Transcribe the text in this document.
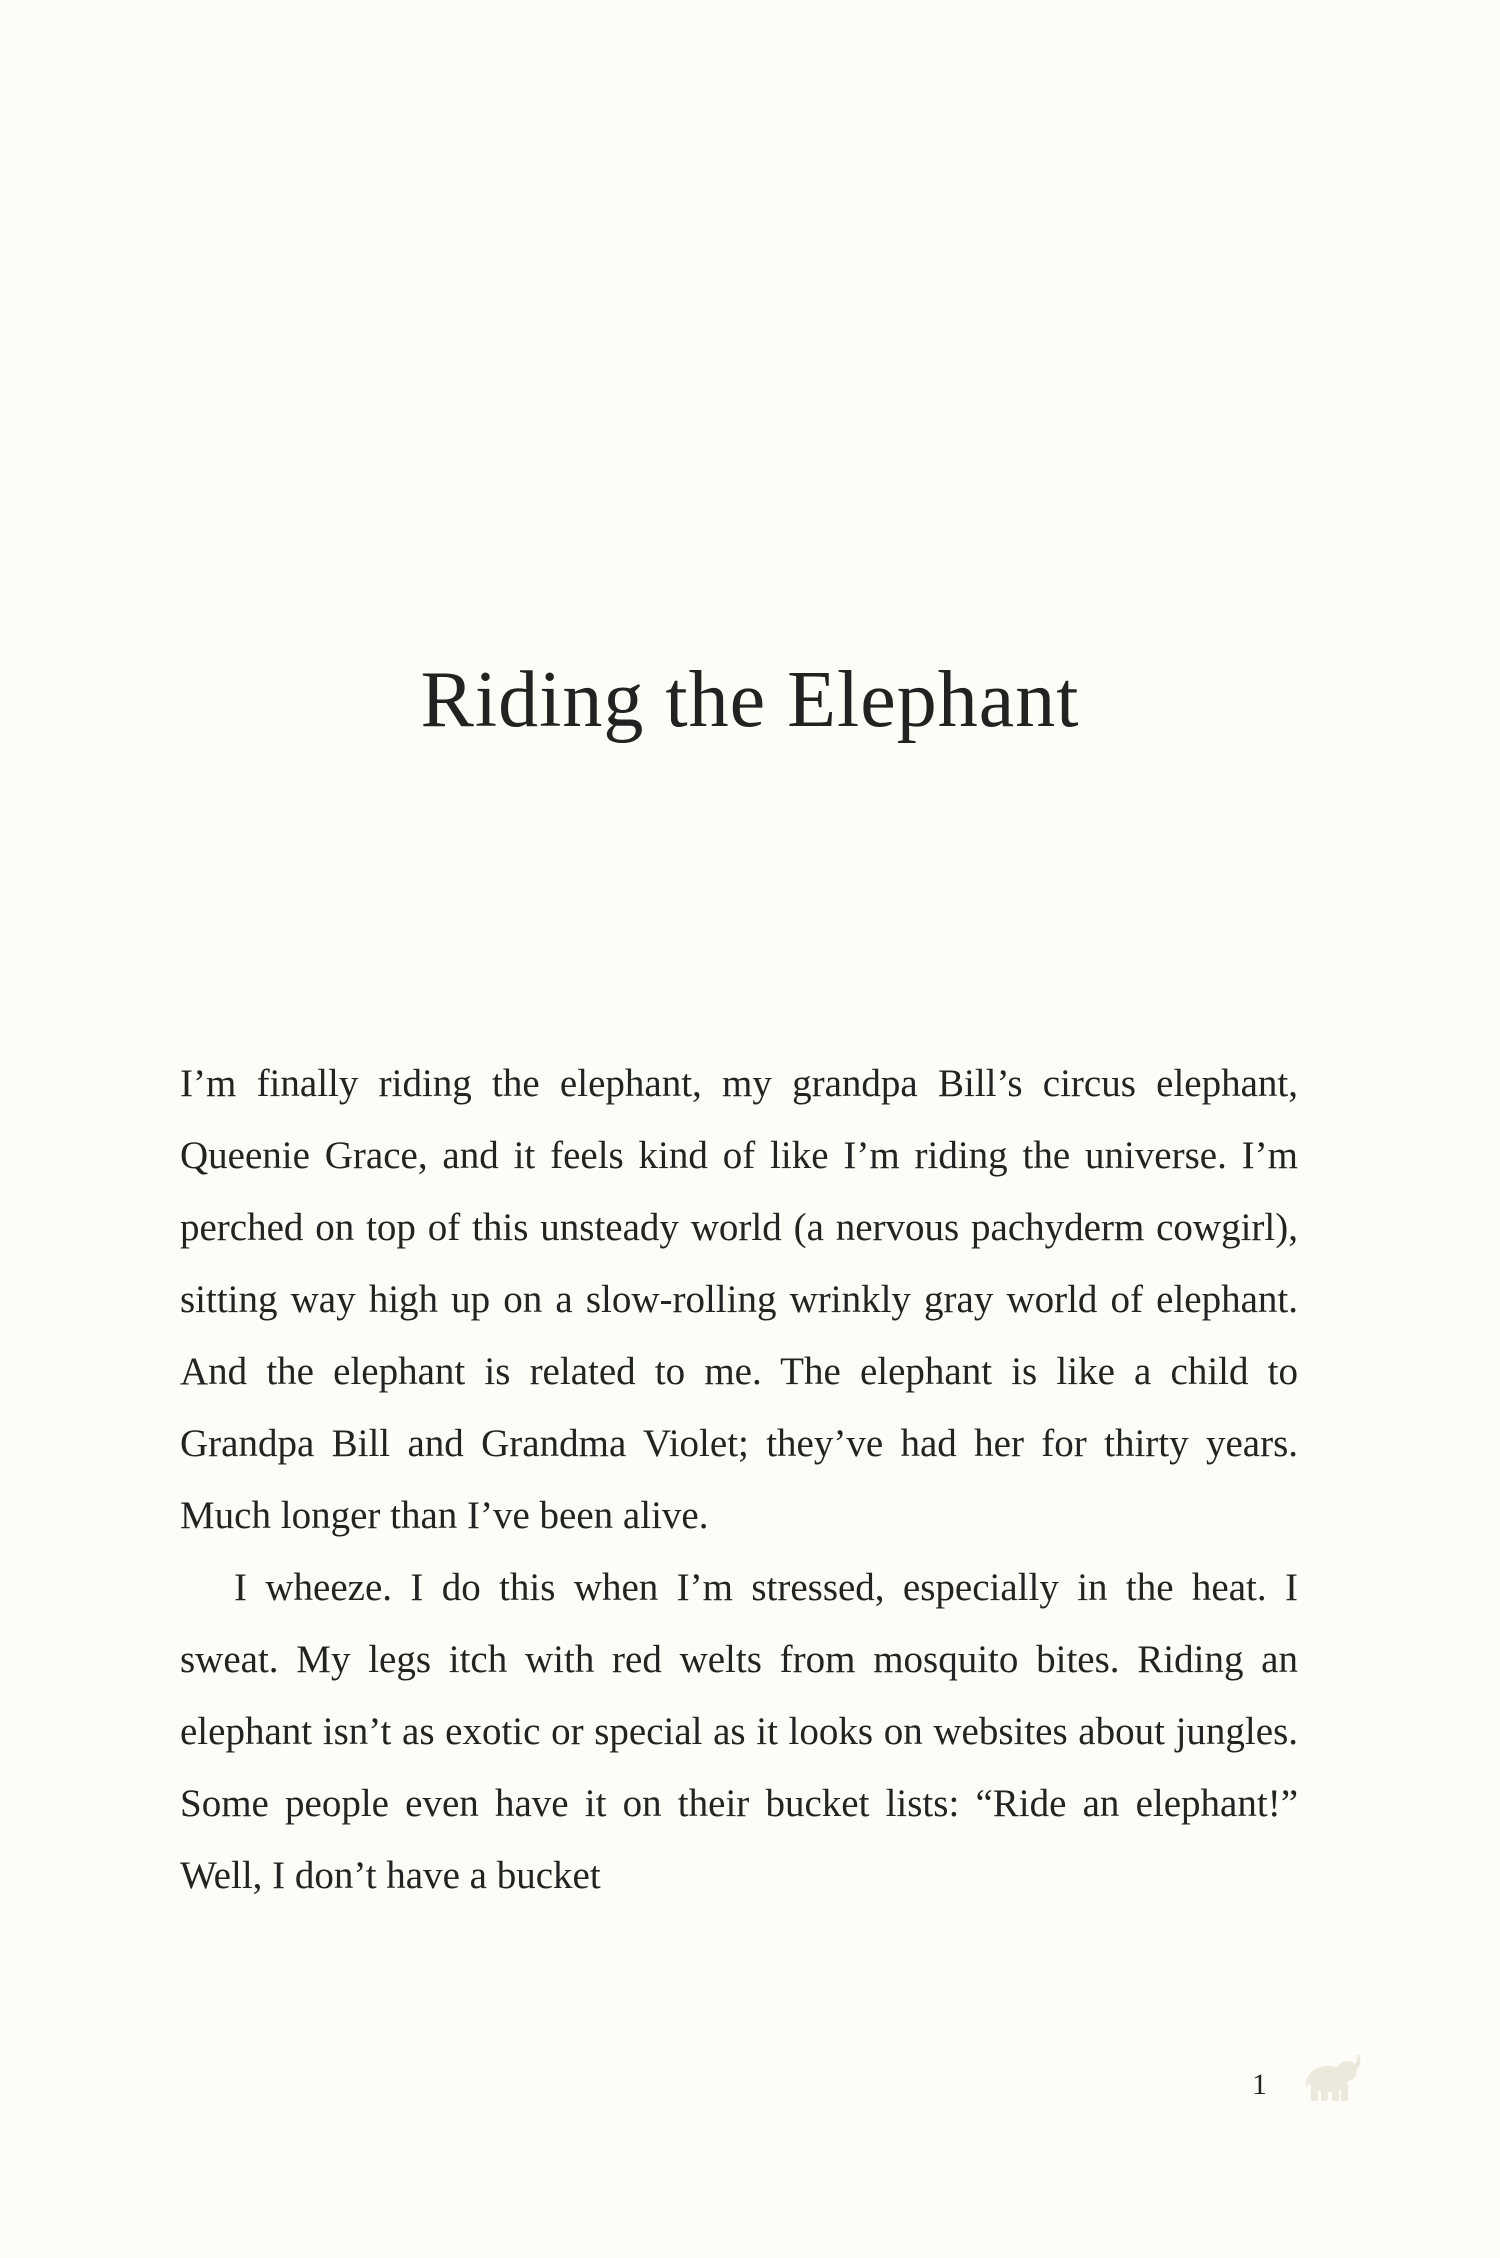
Riding the Elephant

I’m finally riding the elephant, my grandpa Bill’s circus elephant, Queenie Grace, and it feels kind of like I’m riding the universe. I’m perched on top of this unsteady world (a nervous pachyderm cowgirl), sitting way high up on a slow-rolling wrinkly gray world of elephant. And the elephant is related to me. The elephant is like a child to Grandpa Bill and Grandma Violet; they’ve had her for thirty years. Much longer than I’ve been alive.

I wheeze. I do this when I’m stressed, especially in the heat. I sweat. My legs itch with red welts from mosquito bites. Riding an elephant isn’t as exotic or special as it looks on websites about jungles. Some people even have it on their bucket lists: “Ride an elephant!” Well, I don’t have a bucket

1
